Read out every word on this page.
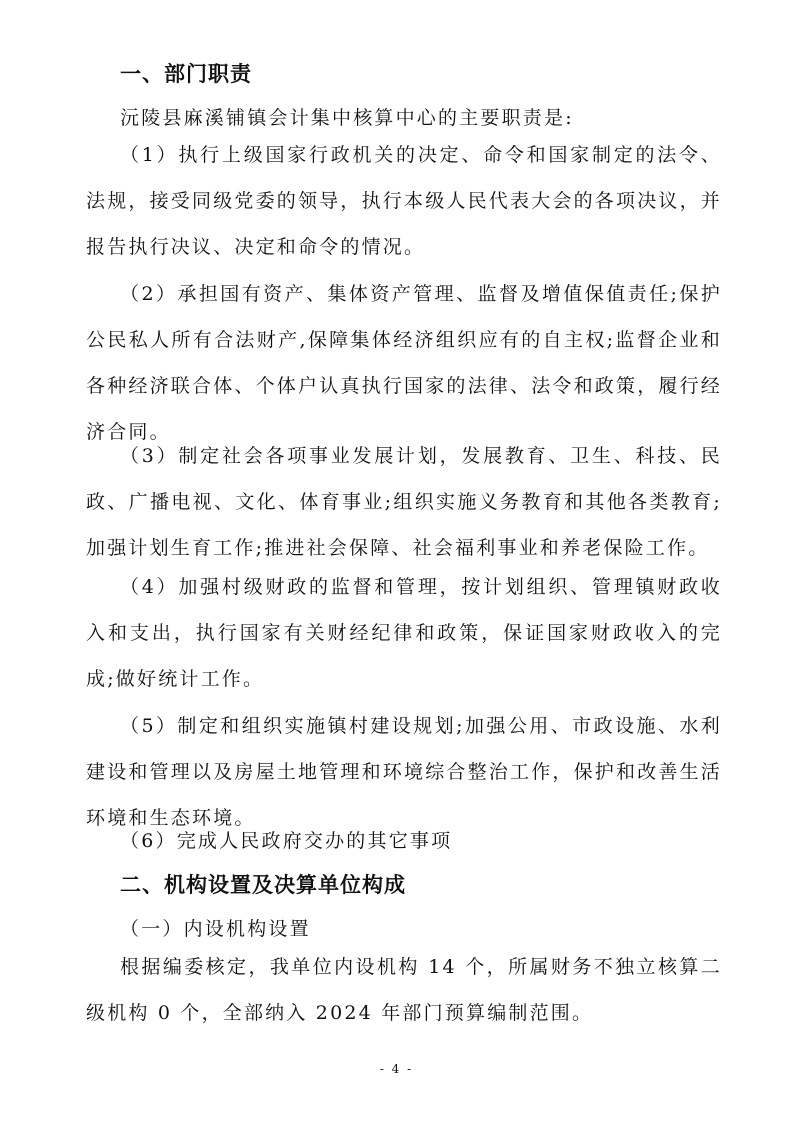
一、部门职责
沅陵县麻溪铺镇会计集中核算中心的主要职责是:

（1）执行上级国家行政机关的决定、命令和国家制定的法令、法规，接受同级党委的领导，执行本级人民代表大会的各项决议，并报告执行决议、决定和命令的情况。

（2）承担国有资产、集体资产管理、监督及增值保值责任;保护公民私人所有合法财产,保障集体经济组织应有的自主权;监督企业和各种经济联合体、个体户认真执行国家的法律、法令和政策，履行经济合同。

（3）制定社会各项事业发展计划，发展教育、卫生、科技、民政、广播电视、文化、体育事业;组织实施义务教育和其他各类教育;加强计划生育工作;推进社会保障、社会福利事业和养老保险工作。

（4）加强村级财政的监督和管理，按计划组织、管理镇财政收入和支出，执行国家有关财经纪律和政策，保证国家财政收入的完成;做好统计工作。

（5）制定和组织实施镇村建设规划;加强公用、市政设施、水利建设和管理以及房屋土地管理和环境综合整治工作，保护和改善生活环境和生态环境。

（6）完成人民政府交办的其它事项
二、机构设置及决算单位构成
（一）内设机构设置

根据编委核定，我单位内设机构 14 个，所属财务不独立核算二级机构 0 个，全部纳入 2024 年部门预算编制范围。

- 4 -
